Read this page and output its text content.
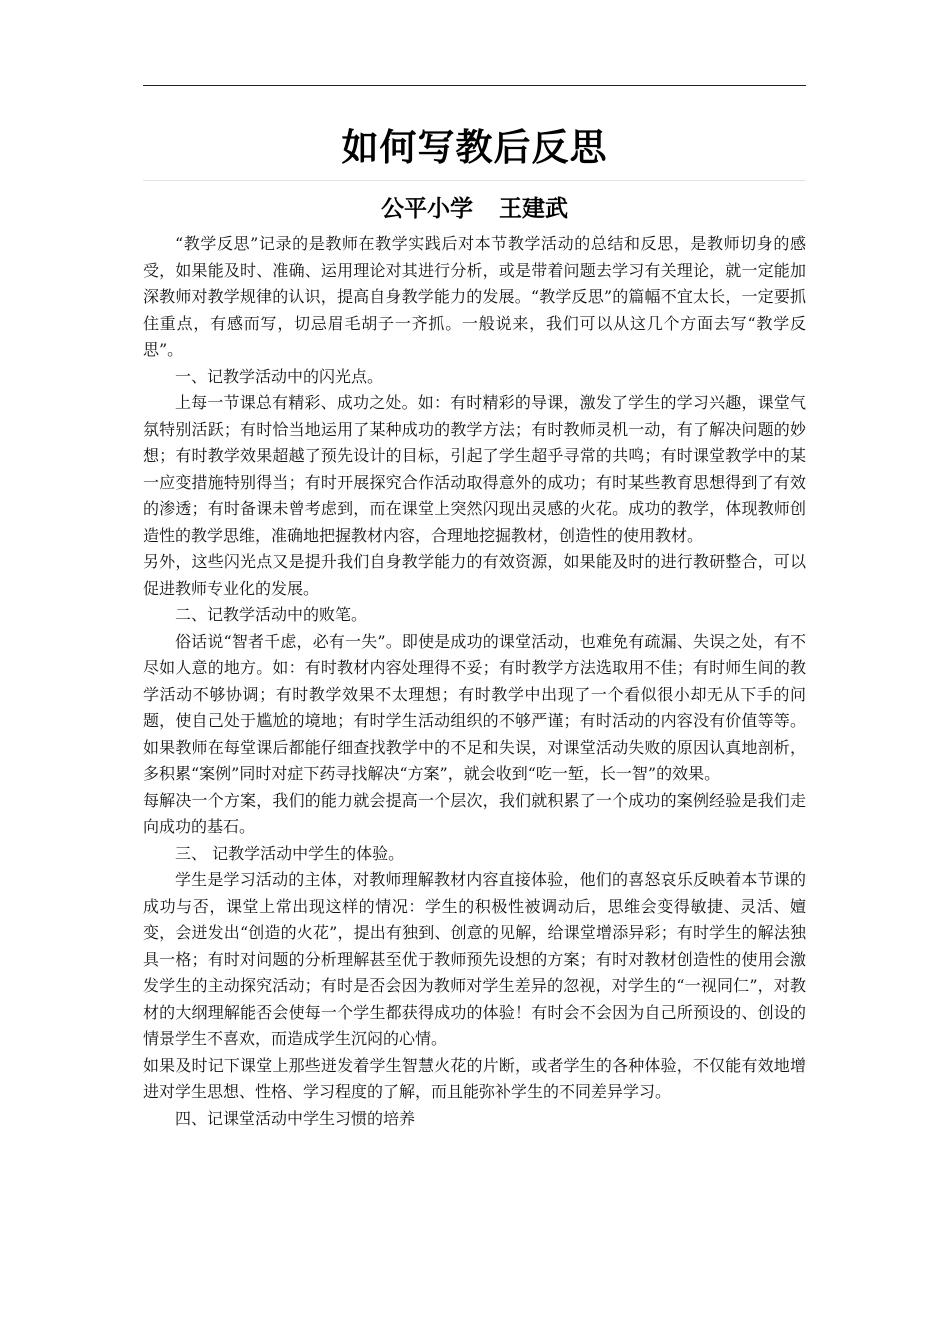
如何写教后反思
公平小学 王建武

“教学反思”记录的是教师在教学实践后对本节教学活动的总结和反思，是教师切身的感受，如果能及时、准确、运用理论对其进行分析，或是带着问题去学习有关理论，就一定能加深教师对教学规律的认识，提高自身教学能力的发展。“教学反思”的篇幅不宜太长，一定要抓住重点，有感而写，切忌眉毛胡子一齐抓。一般说来，我们可以从这几个方面去写“教学反思”。

一、记教学活动中的闪光点。

上每一节课总有精彩、成功之处。如：有时精彩的导课，激发了学生的学习兴趣，课堂气氛特别活跃；有时恰当地运用了某种成功的教学方法；有时教师灵机一动，有了解决问题的妙想；有时教学效果超越了预先设计的目标，引起了学生超乎寻常的共鸣；有时课堂教学中的某一应变措施特别得当；有时开展探究合作活动取得意外的成功；有时某些教育思想得到了有效的渗透；有时备课未曾考虑到，而在课堂上突然闪现出灵感的火花。成功的教学，体现教师创造性的教学思维，准确地把握教材内容，合理地挖掘教材，创造性的使用教材。

另外，这些闪光点又是提升我们自身教学能力的有效资源，如果能及时的进行教研整合，可以促进教师专业化的发展。

二、记教学活动中的败笔。

俗话说“智者千虑，必有一失”。即使是成功的课堂活动，也难免有疏漏、失误之处，有不尽如人意的地方。如：有时教材内容处理得不妥；有时教学方法选取用不佳；有时师生间的教学活动不够协调；有时教学效果不太理想；有时教学中出现了一个看似很小却无从下手的问题，使自己处于尴尬的境地；有时学生活动组织的不够严谨；有时活动的内容没有价值等等。如果教师在每堂课后都能仔细查找教学中的不足和失误，对课堂活动失败的原因认真地剖析，多积累“案例”同时对症下药寻找解决“方案”，就会收到“吃一堑，长一智”的效果。

每解决一个方案，我们的能力就会提高一个层次，我们就积累了一个成功的案例经验是我们走向成功的基石。

三、 记教学活动中学生的体验。

学生是学习活动的主体，对教师理解教材内容直接体验，他们的喜怒哀乐反映着本节课的成功与否，课堂上常出现这样的情况：学生的积极性被调动后，思维会变得敏捷、灵活、嬗变，会迸发出“创造的火花”，提出有独到、创意的见解，给课堂增添异彩；有时学生的解法独具一格；有时对问题的分析理解甚至优于教师预先设想的方案；有时对教材创造性的使用会激发学生的主动探究活动；有时是否会因为教师对学生差异的忽视，对学生的“一视同仁”，对教材的大纲理解能否会使每一个学生都获得成功的体验！有时会不会因为自己所预设的、创设的情景学生不喜欢，而造成学生沉闷的心情。

如果及时记下课堂上那些迸发着学生智慧火花的片断，或者学生的各种体验，不仅能有效地增进对学生思想、性格、学习程度的了解，而且能弥补学生的不同差异学习。

四、记课堂活动中学生习惯的培养
